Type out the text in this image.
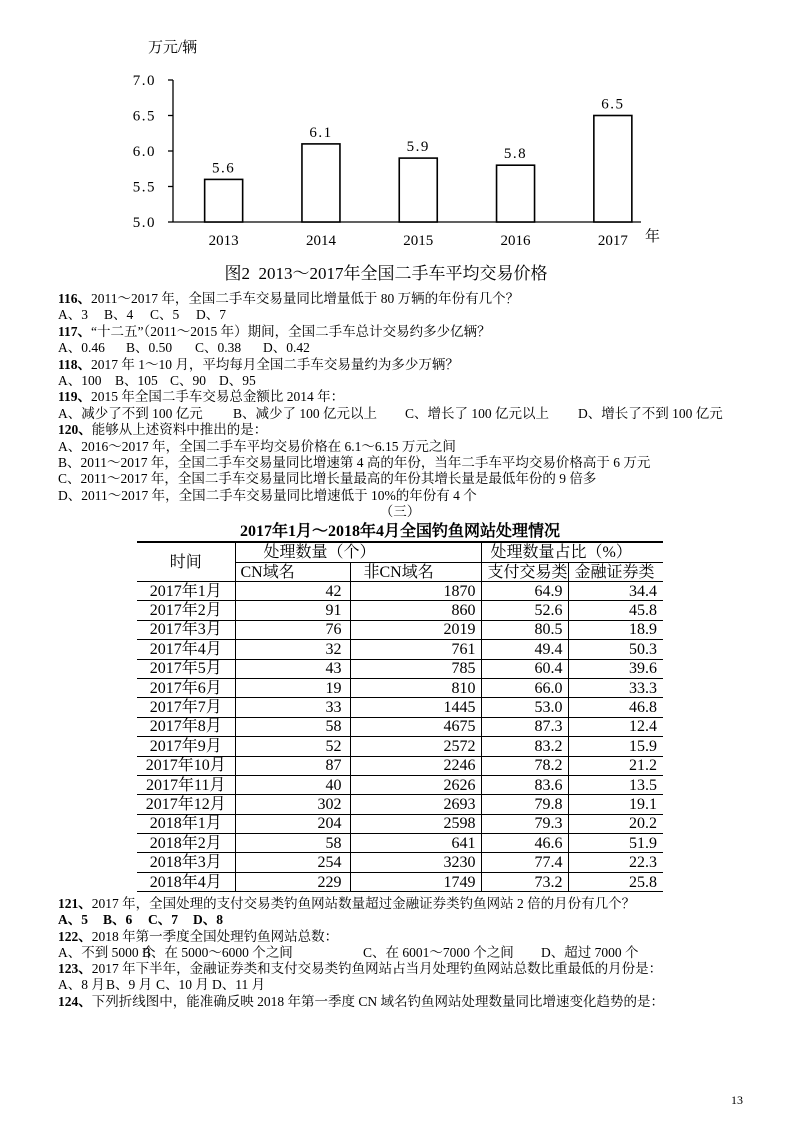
万元/辆
7.0
6.5
6.0
5.5
5.0
5.6
2013
6.1
2014
5.9
2015
5.8
2016
6.5
2017 年
图2  2013～2017年全国二手车平均交易价格
116、2011～2017 年，全国二手车交易量同比增量低于 80 万辆的年份有几个？

A、3

B、4

C、5

D、7

117、“十二五”（2011～2015 年）期间，全国二手车总计交易约多少亿辆？

A、0.46

B、0.50

C、0.38

D、0.42

118、2017 年 1～10 月，平均每月全国二手车交易量约为多少万辆？

A、100

B、105

C、90

D、95

119、2015 年全国二手车交易总金额比 2014 年：

A、减少了不到 100 亿元

B、减少了 100 亿元以上

C、增长了 100 亿元以上

D、增长了不到 100 亿元

120、能够从上述资料中推出的是：
A、2016～2017 年，全国二手车平均交易价格在 6.1～6.15 万元之间
B、2011～2017 年，全国二手车交易量同比增速第 4 高的年份，当年二手车平均交易价格高于 6 万元
C、2011～2017 年，全国二手车交易量同比增长量最高的年份其增长量是最低年份的 9 倍多
D、2011～2017 年，全国二手车交易量同比增速低于 10%的年份有 4 个
（三）
2017年1月～2018年4月全国钓鱼网站处理情况
时间	处理数量（个）		处理数量占比（%）	
	CN域名	非CN域名	支付交易类	金融证券类
2017年1月	42	1870	64.9	34.4
2017年2月	91	860	52.6	45.8
2017年3月	76	2019	80.5	18.9
2017年4月	32	761	49.4	50.3
2017年5月	43	785	60.4	39.6
2017年6月	19	810	66.0	33.3
2017年7月	33	1445	53.0	46.8
2017年8月	58	4675	87.3	12.4
2017年9月	52	2572	83.2	15.9
2017年10月	87	2246	78.2	21.2
2017年11月	40	2626	83.6	13.5
2017年12月	302	2693	79.8	19.1
2018年1月	204	2598	79.3	20.2
2018年2月	58	641	46.6	51.9
2018年3月	254	3230	77.4	22.3
2018年4月	229	1749	73.2	25.8
121、2017 年，全国处理的支付交易类钓鱼网站数量超过金融证券类钓鱼网站 2 倍的月份有几个？

A、5

B、6

C、7

D、8

122、2018 年第一季度全国处理钓鱼网站总数：

A、不到 5000 个

B、在 5000～6000 个之间

	C、在 6001～7000 个之间

D、超过 7000 个

123、2017 年下半年，金融证券类和支付交易类钓鱼网站占当月处理钓鱼网站总数比重最低的月份是：

A、8 月

B、9 月

C、10 月

D、11 月

124、下列折线图中，能准确反映 2018 年第一季度 CN 域名钓鱼网站处理数量同比增速变化趋势的是：
13
